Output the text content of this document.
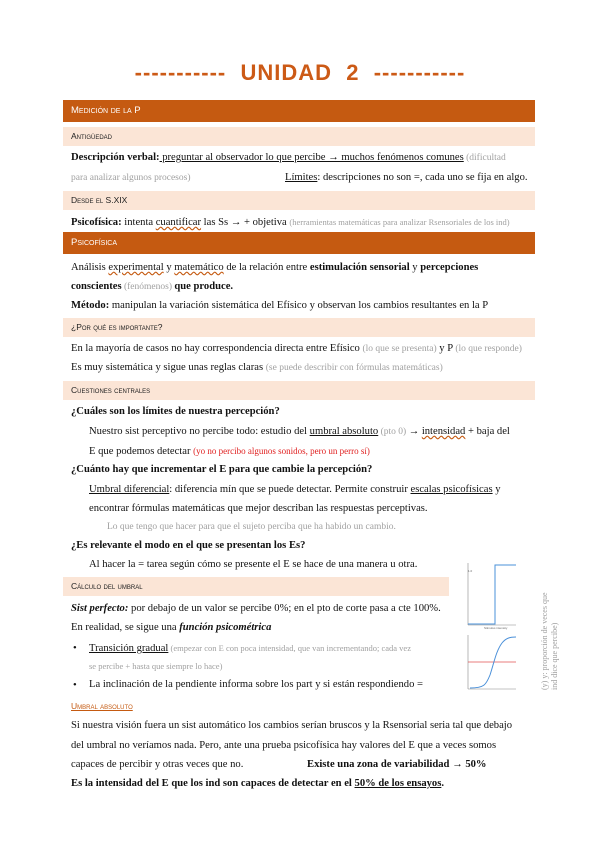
-----------  UNIDAD  2  -----------
Medición de la P
Antigüedad
Descripción verbal: preguntar al observador lo que percibe → muchos fenómenos comunes (dificultad
para analizar algunos procesos)	Límites: descripciones no son =, cada uno se fija en algo.
Desde el S.XIX
Psicofísica: intenta cuantificar las Ss → + objetiva (herramientas matemáticas para analizar Rsensoriales de los ind)
Psicofísica
Análisis experimental y matemático de la relación entre estimulación sensorial y percepciones
conscientes (fenómenos) que produce.
Método: manipulan la variación sistemática del Efísico y observan los cambios resultantes en la P
¿Por qué es importante?
En la mayoría de casos no hay correspondencia directa entre Efísico (lo que se presenta) y P (lo que responde)
Es muy sistemática y sigue unas reglas claras (se puede describir con fórmulas matemáticas)
Cuestiones centrales
¿Cuáles son los límites de nuestra percepción?
Nuestro sist perceptivo no percibe todo: estudio del umbral absoluto (pto 0) → intensidad + baja del
E que podemos detectar (yo no percibo algunos sonidos, pero un perro sí)
¿Cuánto hay que incrementar el E para que cambie la percepción?
Umbral diferencial: diferencia mín que se puede detectar. Permite construir escalas psicofísicas y
encontrar fórmulas matemáticas que mejor describan las respuestas perceptivas.
Lo que tengo que hacer para que el sujeto perciba que ha habido un cambio.
¿Es relevante el modo en el que se presentan los Es?
Al hacer la = tarea según cómo se presente el E se hace de una manera u otra.
Cálculo del umbral
Sist perfecto: por debajo de un valor se percibe 0%; en el pto de corte pasa a cte 100%.
En realidad, se sigue una función psicométrica
• Transición gradual (empezar con E con poca intensidad, que van incrementando; cada vez
se percibe + hasta que siempre lo hace)
• La inclinación de la pendiente informa sobre los part y si están respondiendo =
1.0
Stimulus intensity	(y) y: proporción de veces que ind dice que percibe)
Umbral absoluto
Si nuestra visión fuera un sist automático los cambios serían bruscos y la Rsensorial seria tal que debajo
del umbral no veríamos nada. Pero, ante una prueba psicofísica hay valores del E que a veces somos
capaces de percibir y otras veces que no.	Existe una zona de variabilidad → 50%
Es la intensidad del E que los ind son capaces de detectar en el 50% de los ensayos.
